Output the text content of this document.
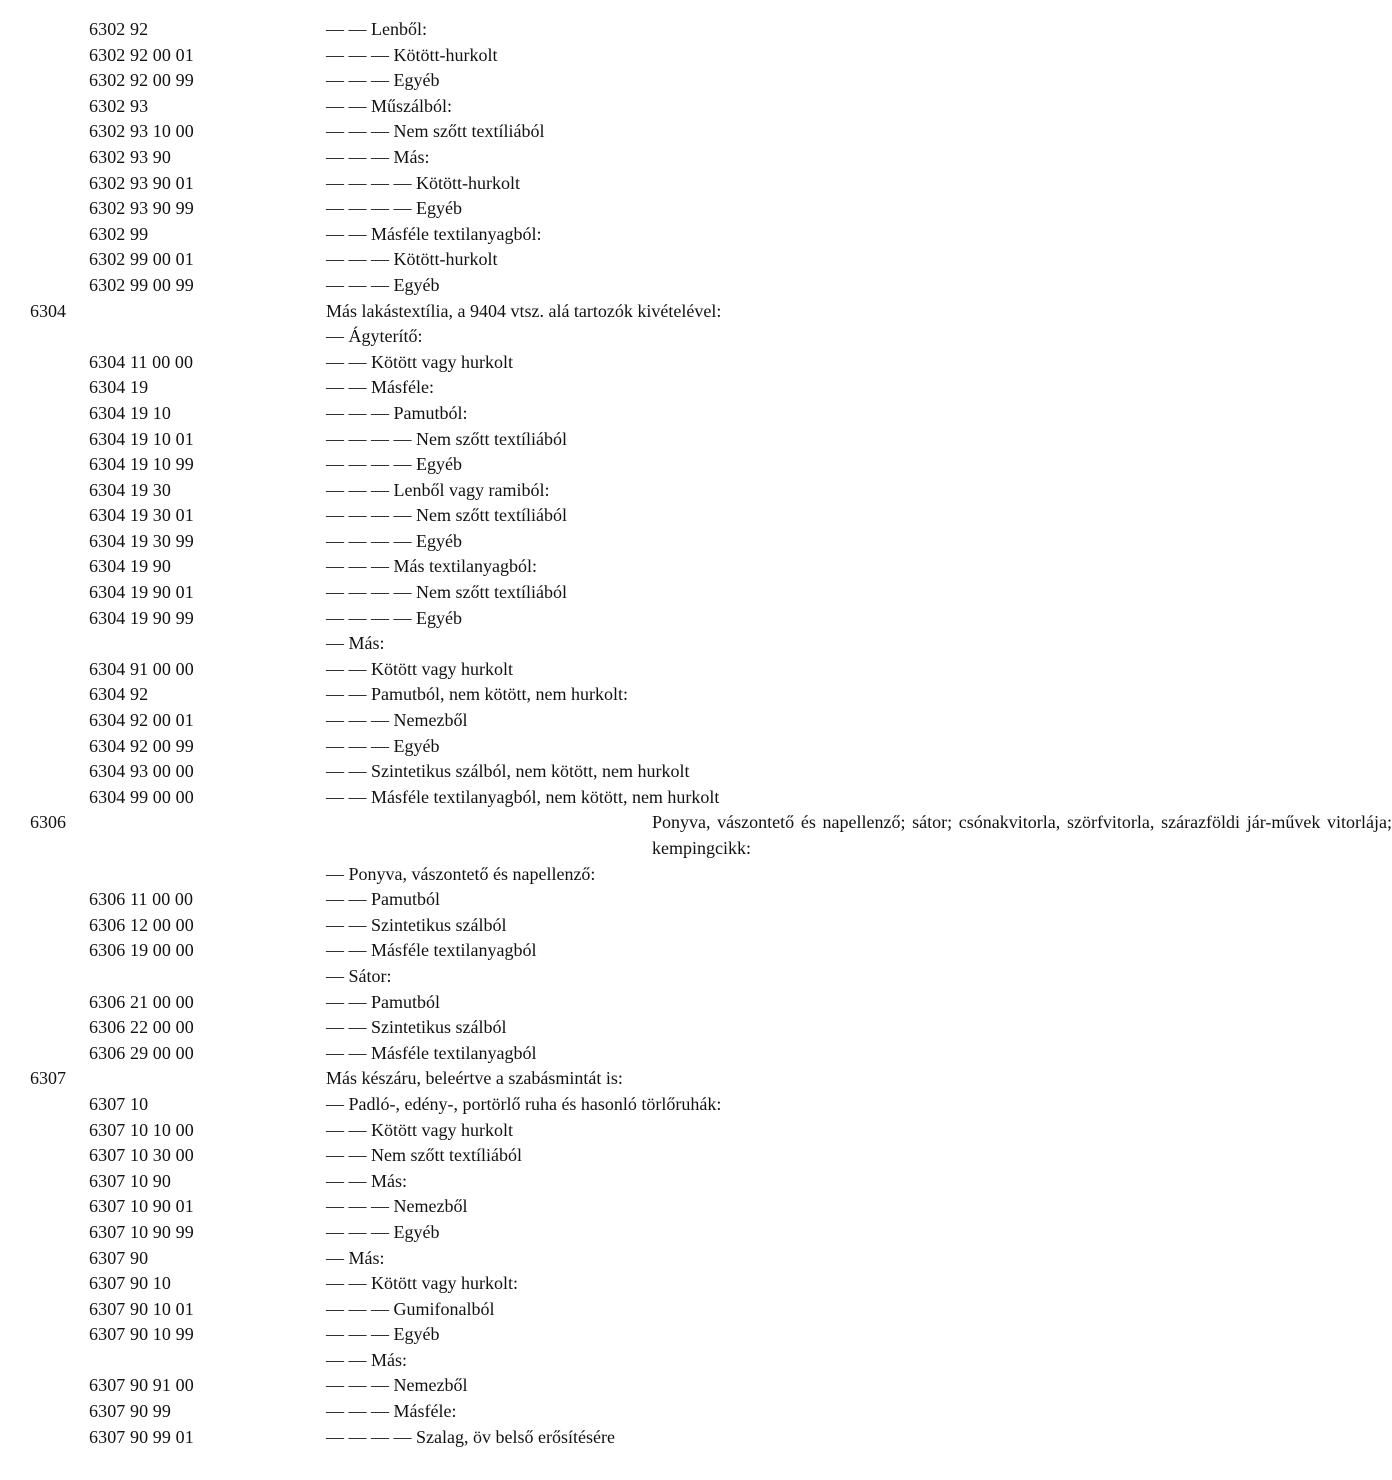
6302 92	— — Lenből:
6302 92 00 01	— — — Kötött-hurkolt
6302 92 00 99	— — — Egyéb
6302 93	— — Műszálból:
6302 93 10 00	— — — Nem szőtt textíliából
6302 93 90	— — — Más:
6302 93 90 01	— — — — Kötött-hurkolt
6302 93 90 99	— — — — Egyéb
6302 99	— — Másféle textilanyagból:
6302 99 00 01	— — — Kötött-hurkolt
6302 99 00 99	— — — Egyéb
6304	Más lakástextília, a 9404 vtsz. alá tartozók kivételével:
— Ágyterítő:
6304 11 00 00	— — Kötött vagy hurkolt
6304 19	— — Másféle:
6304 19 10	— — — Pamutból:
6304 19 10 01	— — — — Nem szőtt textíliából
6304 19 10 99	— — — — Egyéb
6304 19 30	— — — Lenből vagy ramiból:
6304 19 30 01	— — — — Nem szőtt textíliából
6304 19 30 99	— — — — Egyéb
6304 19 90	— — — Más textilanyagból:
6304 19 90 01	— — — — Nem szőtt textíliából
6304 19 90 99	— — — — Egyéb
— Más:
6304 91 00 00	— — Kötött vagy hurkolt
6304 92	— — Pamutból, nem kötött, nem hurkolt:
6304 92 00 01	— — — Nemezből
6304 92 00 99	— — — Egyéb
6304 93 00 00	— — Szintetikus szálból, nem kötött, nem hurkolt
6304 99 00 00	— — Másféle textilanyagból, nem kötött, nem hurkolt
6306	Ponyva, vászontető és napellenző; sátor; csónakvitorla, szörfvitorla, szárazföldi jár-művek vitorlája; kempingcikk:
— Ponyva, vászontető és napellenző:
6306 11 00 00	— — Pamutból
6306 12 00 00	— — Szintetikus szálból
6306 19 00 00	— — Másféle textilanyagból
— Sátor:
6306 21 00 00	— — Pamutból
6306 22 00 00	— — Szintetikus szálból
6306 29 00 00	— — Másféle textilanyagból
6307	Más készáru, beleértve a szabásmintát is:
6307 10	— Padló-, edény-, portörlő ruha és hasonló törlőruhák:
6307 10 10 00	— — Kötött vagy hurkolt
6307 10 30 00	— — Nem szőtt textíliából
6307 10 90	— — Más:
6307 10 90 01	— — — Nemezből
6307 10 90 99	— — — Egyéb
6307 90	— Más:
6307 90 10	— — Kötött vagy hurkolt:
6307 90 10 01	— — — Gumifonalból
6307 90 10 99	— — — Egyéb
— — Más:
6307 90 91 00	— — — Nemezből
6307 90 99	— — — Másféle:
6307 90 99 01	— — — — Szalag, öv belső erősítésére
